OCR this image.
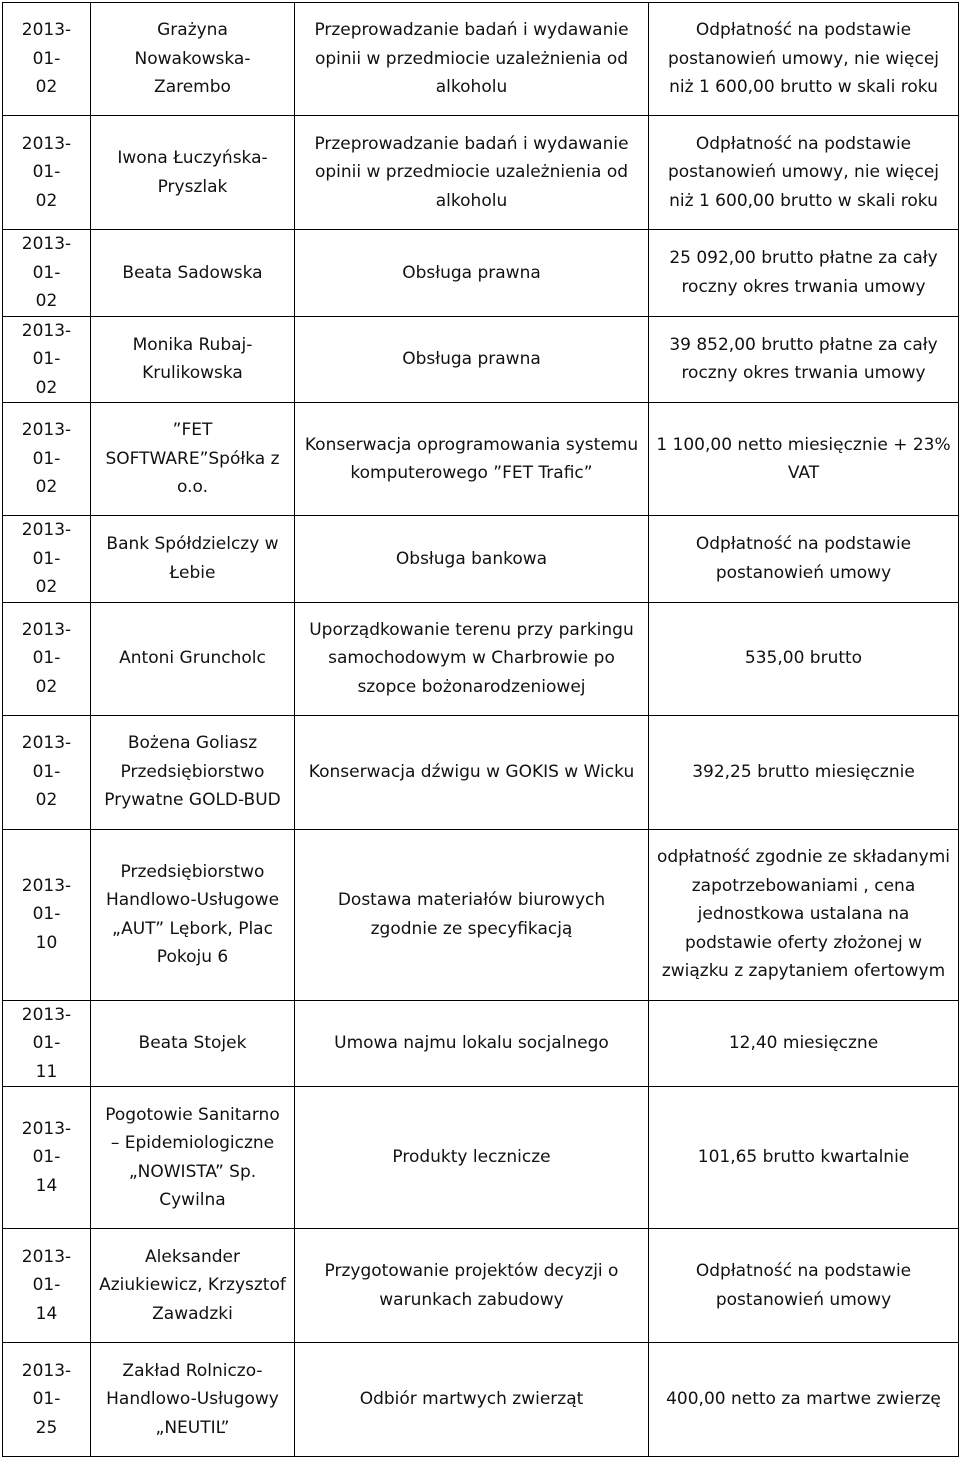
2013-01-
02	Grażyna
Nowakowska-
Zarembo	Przeprowadzanie badań i wydawanie
opinii w przedmiocie uzależnienia od
alkoholu	Odpłatność na podstawie
postanowień umowy, nie więcej
niż 1 600,00 brutto w skali roku

2013-01-
02	Iwona Łuczyńska-
Pryszlak	Przeprowadzanie badań i wydawanie
opinii w przedmiocie uzależnienia od
alkoholu	Odpłatność na podstawie
postanowień umowy, nie więcej
niż 1 600,00 brutto w skali roku

2013-01-
02	Beata Sadowska	Obsługa prawna	25 092,00 brutto płatne za cały
roczny okres trwania umowy

2013-01-
02	Monika Rubaj-
Krulikowska	Obsługa prawna	39 852,00 brutto płatne za cały
roczny okres trwania umowy

2013-01-
02	”FET
SOFTWARE”Spółka z
o.o.	Konserwacja oprogramowania systemu
komputerowego ”FET Trafic”	1 100,00 netto miesięcznie + 23%
VAT

2013-01-
02	Bank Spółdzielczy w
Łebie	Obsługa bankowa	Odpłatność na podstawie
postanowień umowy

2013-01-
02	Antoni Gruncholc	Uporządkowanie terenu przy parkingu
samochodowym w Charbrowie po
szopce bożonarodzeniowej	535,00 brutto

2013-01-
02	Bożena Goliasz
Przedsiębiorstwo
Prywatne GOLD-BUD	Konserwacja dźwigu w GOKIS w Wicku	392,25 brutto miesięcznie

2013-01-
10	Przedsiębiorstwo
Handlowo-Usługowe
„AUT” Lębork, Plac
Pokoju 6	Dostawa materiałów biurowych
zgodnie ze specyfikacją	odpłatność zgodnie ze składanymi
zapotrzebowaniami , cena
jednostkowa ustalana na
podstawie oferty złożonej w
związku z zapytaniem ofertowym

2013-01-
11	Beata Stojek	Umowa najmu lokalu socjalnego	12,40 miesięczne

2013-01-
14	Pogotowie Sanitarno
– Epidemiologiczne
„NOWISTA” Sp.
Cywilna	Produkty lecznicze	101,65 brutto kwartalnie

2013-01-
14	Aleksander
Aziukiewicz, Krzysztof
Zawadzki	Przygotowanie projektów decyzji o
warunkach zabudowy	Odpłatność na podstawie
postanowień umowy

2013-01-
25	Zakład Rolniczo-
Handlowo-Usługowy
„NEUTIL”	Odbiór martwych zwierząt	400,00 netto za martwe zwierzę
